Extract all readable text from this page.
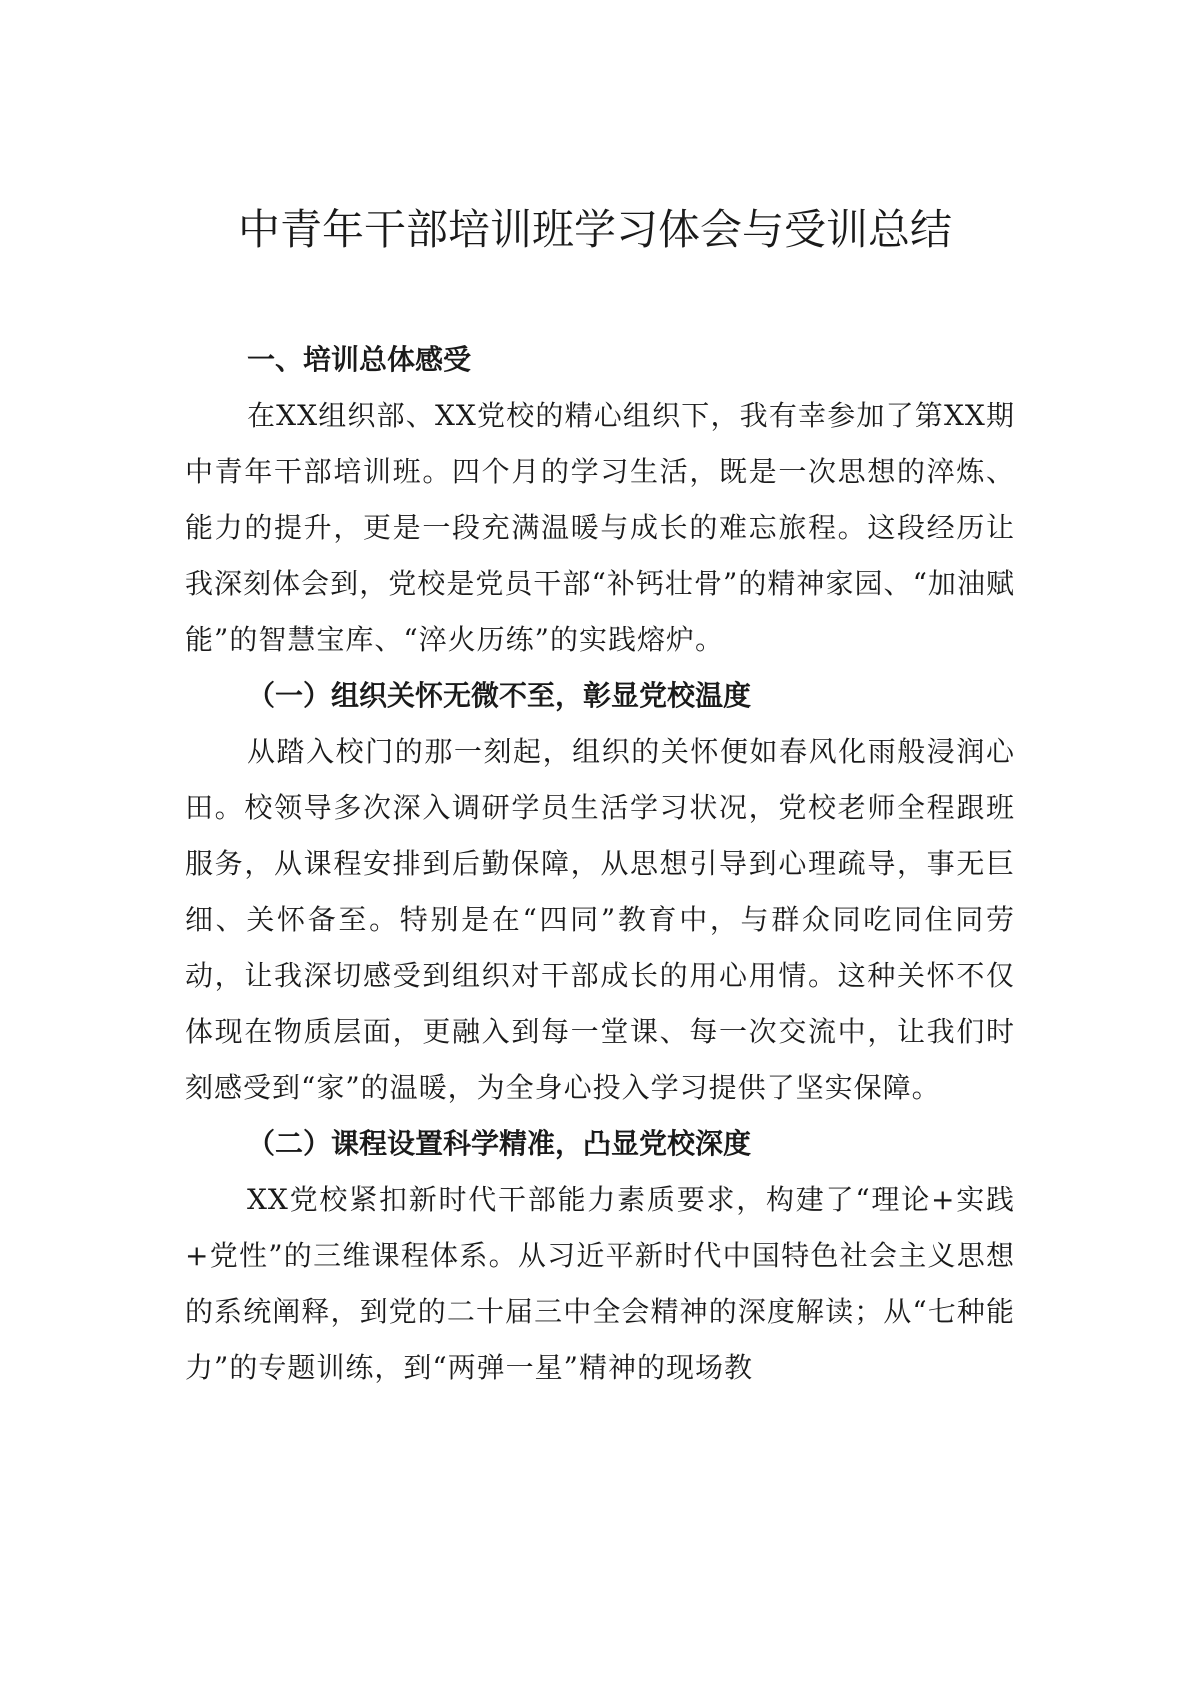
中青年干部培训班学习体会与受训总结
一、培训总体感受

在XX组织部、XX党校的精心组织下，我有幸参加了第XX期中青年干部培训班。四个月的学习生活，既是一次思想的淬炼、能力的提升，更是一段充满温暖与成长的难忘旅程。这段经历让我深刻体会到，党校是党员干部“补钙壮骨”的精神家园、“加油赋能”的智慧宝库、“淬火历练”的实践熔炉。

（一）组织关怀无微不至，彰显党校温度

从踏入校门的那一刻起，组织的关怀便如春风化雨般浸润心田。校领导多次深入调研学员生活学习状况，党校老师全程跟班服务，从课程安排到后勤保障，从思想引导到心理疏导，事无巨细、关怀备至。特别是在“四同”教育中，与群众同吃同住同劳动，让我深切感受到组织对干部成长的用心用情。这种关怀不仅体现在物质层面，更融入到每一堂课、每一次交流中，让我们时刻感受到“家”的温暖，为全身心投入学习提供了坚实保障。

（二）课程设置科学精准，凸显党校深度

XX党校紧扣新时代干部能力素质要求，构建了“理论+实践+党性”的三维课程体系。从习近平新时代中国特色社会主义思想的系统阐释，到党的二十届三中全会精神的深度解读；从“七种能力”的专题训练，到“两弹一星”精神的现场教
